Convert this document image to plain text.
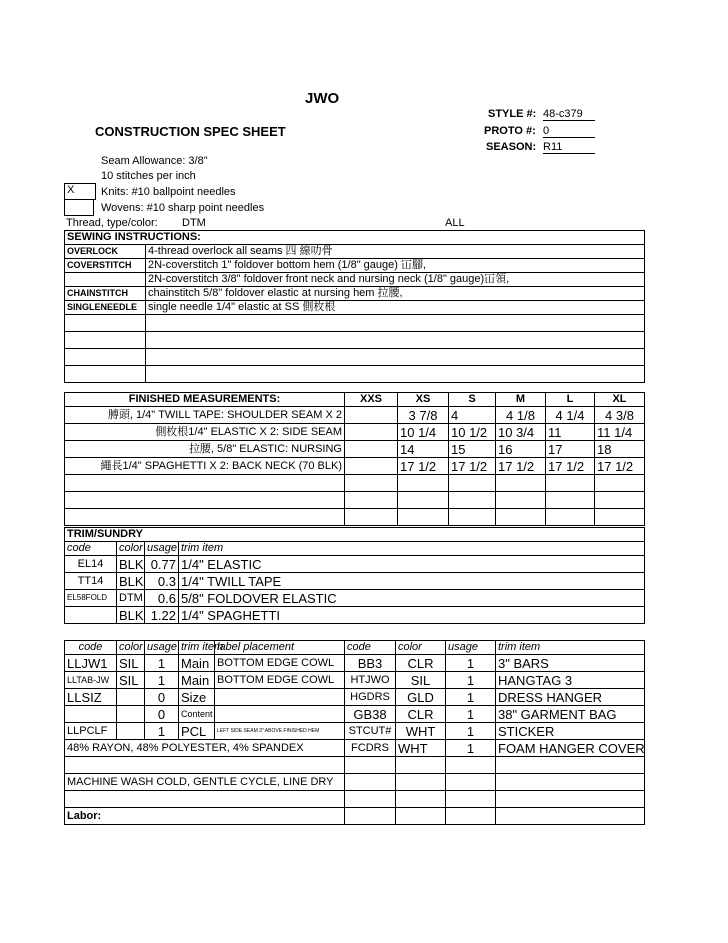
JWO
CONSTRUCTION SPEC SHEET
STYLE #: 48-c379
PROTO #: 0
SEASON: R11
Seam Allowance: 3/8"
10 stitches per inch
X	Knits: #10 ballpoint needles
Wovens: #10 sharp point needles
Thread, type/color: DTM	ALL
SEWING INSTRUCTIONS:	
OVERLOCK	4-thread overlock all seams 四 線叻骨
COVERSTITCH	2N-coverstitch 1" foldover bottom hem (1/8" gauge) 冚腳,
	2N-coverstitch 3/8" foldover front neck and nursing neck (1/8" gauge)冚領,
CHAINSTITCH	chainstitch 5/8" foldover elastic at nursing hem 拉腰,
SINGLENEEDLE	single needle 1/4" elastic at SS 側枚根

FINISHED MEASUREMENTS:	XXS	XS	S	M	L	XL
膊頭, 1/4" TWILL TAPE: SHOULDER SEAM X 2		3 7/8	4	4 1/8	4 1/4	4 3/8
側枚根1/4" ELASTIC X 2: SIDE SEAM		10 1/4	10 1/2	10 3/4	11	11 1/4
拉腰, 5/8" ELASTIC: NURSING		14	15	16	17	18
繩長1/4" SPAGHETTI X 2: BACK NECK (70 BLK)		17 1/2	17 1/2	17 1/2	17 1/2	17 1/2

TRIM/SUNDRY			
code	color	usage	trim item
EL14	BLK	0.77	1/4" ELASTIC
TT14	BLK	0.3	1/4" TWILL TAPE
EL58FOLD	DTM	0.6	5/8" FOLDOVER ELASTIC
	BLK	1.22	1/4" SPAGHETTI
code	color	usage	trim item	label placement	code	color	usage	trim item
LLJW1	SIL	1	Main	BOTTOM EDGE COWL	BB3	CLR	1	3" BARS
LLTAB-JW	SIL	1	Main	BOTTOM EDGE COWL	HTJWO	SIL	1	HANGTAG 3
LLSIZ		0	Size		HGDRS	GLD	1	DRESS HANGER
		0	Content		GB38	CLR	1	38" GARMENT BAG
LLPCLF		1	PCL	LEFT SIDE SEAM 3" ABOVE FINISHED HEM	STCUT#	WHT	1	STICKER
48% RAYON, 48% POLYESTER, 4% SPANDEX					FCDRS	WHT	1	FOAM HANGER COVER

MACHINE WASH COLD, GENTLE CYCLE, LINE DRY								

Labor:								
